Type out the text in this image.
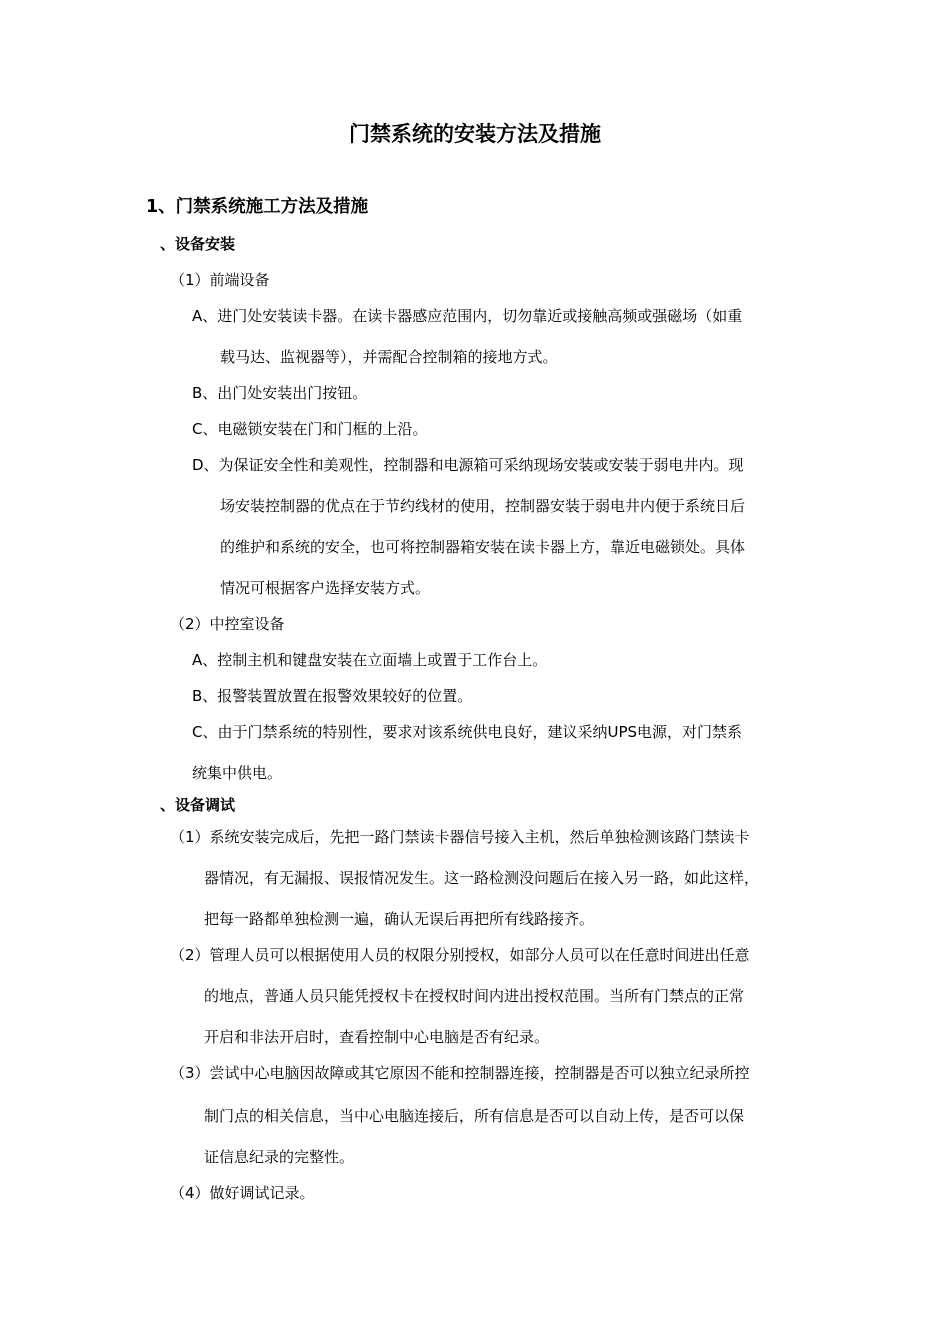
门禁系统的安装方法及措施
1、门禁系统施工方法及措施
、设备安装
（1）前端设备
A、进门处安装读卡器。在读卡器感应范围内，切勿靠近或接触高频或强磁场（如重
载马达、监视器等），并需配合控制箱的接地方式。
B、出门处安装出门按钮。
C、电磁锁安装在门和门框的上沿。
D、为保证安全性和美观性，控制器和电源箱可采纳现场安装或安装于弱电井内。现
场安装控制器的优点在于节约线材的使用，控制器安装于弱电井内便于系统日后
的维护和系统的安全，也可将控制器箱安装在读卡器上方，靠近电磁锁处。具体
情况可根据客户选择安装方式。
（2）中控室设备
A、控制主机和键盘安装在立面墙上或置于工作台上。
B、报警装置放置在报警效果较好的位置。
C、由于门禁系统的特别性，要求对该系统供电良好，建议采纳UPS电源，对门禁系
统集中供电。
、设备调试
（1）系统安装完成后，先把一路门禁读卡器信号接入主机，然后单独检测该路门禁读卡
器情况，有无漏报、误报情况发生。这一路检测没问题后在接入另一路，如此这样，
把每一路都单独检测一遍，确认无误后再把所有线路接齐。
（2）管理人员可以根据使用人员的权限分别授权，如部分人员可以在任意时间进出任意
的地点，普通人员只能凭授权卡在授权时间内进出授权范围。当所有门禁点的正常
开启和非法开启时，查看控制中心电脑是否有纪录。
（3）尝试中心电脑因故障或其它原因不能和控制器连接，控制器是否可以独立纪录所控
制门点的相关信息，当中心电脑连接后，所有信息是否可以自动上传，是否可以保
证信息纪录的完整性。
（4）做好调试记录。
